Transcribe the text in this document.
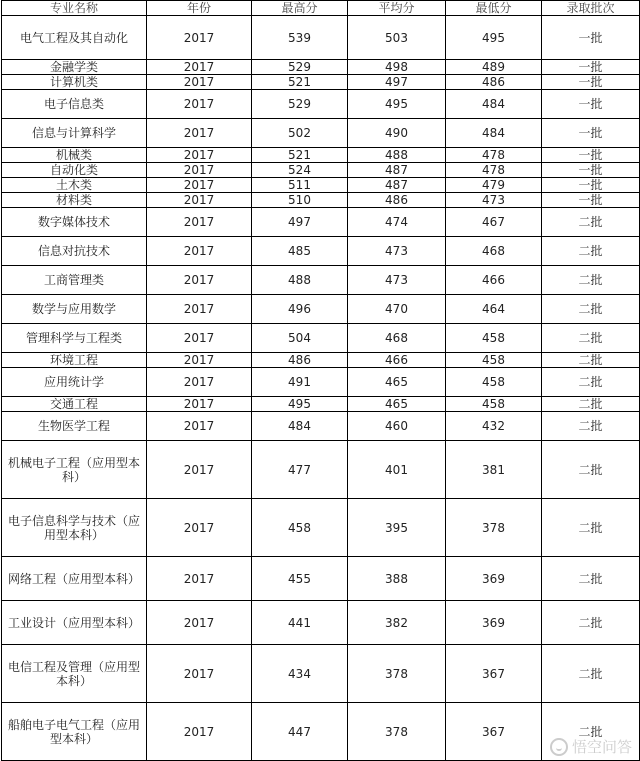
专业名称	年份	最高分	平均分	最低分	录取批次
电气工程及其自动化	2017	539	503	495	一批
金融学类	2017	529	498	489	一批
计算机类	2017	521	497	486	一批
电子信息类	2017	529	495	484	一批
信息与计算科学	2017	502	490	484	一批
机械类	2017	521	488	478	一批
自动化类	2017	524	487	478	一批
土木类	2017	511	487	479	一批
材料类	2017	510	486	473	一批
数字媒体技术	2017	497	474	467	二批
信息对抗技术	2017	485	473	468	二批
工商管理类	2017	488	473	466	二批
数学与应用数学	2017	496	470	464	二批
管理科学与工程类	2017	504	468	458	二批
环境工程	2017	486	466	458	二批
应用统计学	2017	491	465	458	二批
交通工程	2017	495	465	458	二批
生物医学工程	2017	484	460	432	二批
机械电子工程（应用型本科）	2017	477	401	381	二批
电子信息科学与技术（应用型本科）	2017	458	395	378	二批
网络工程（应用型本科）	2017	455	388	369	二批
工业设计（应用型本科）	2017	441	382	369	二批
电信工程及管理（应用型本科）	2017	434	378	367	二批
船舶电子电气工程（应用型本科）	2017	447	378	367	二批
悟空问答
